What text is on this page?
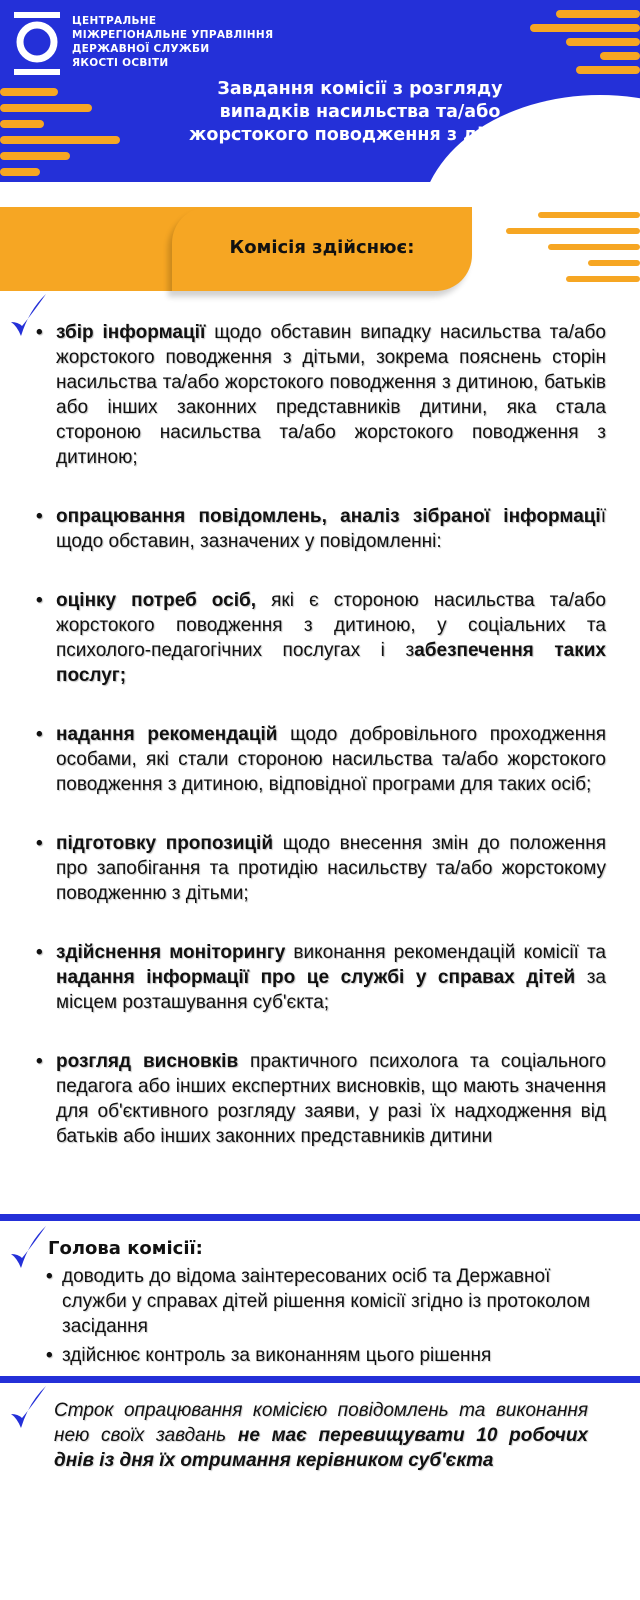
ЦЕНТРАЛЬНЕ
МІЖРЕГІОНАЛЬНЕ УПРАВЛІННЯ
ДЕРЖАВНОЇ СЛУЖБИ
ЯКОСТІ ОСВІТИ
Завдання комісії з розгляду
випадків насильства та/або
жорстокого поводження з дітьми
Комісія здійснює:
• збір інформації щодо обставин випадку насильства та/або жорстокого поводження з дітьми, зокрема пояснень сторін насильства та/або жорстокого поводження з дитиною, батьків або інших законних представників дитини, яка стала стороною насильства та/або жорстокого поводження з дитиною;
• опрацювання повідомлень, аналіз зібраної інформації щодо обставин, зазначених у повідомленні:
• оцінку потреб осіб, які є стороною насильства та/або жорстокого поводження з дитиною, у соціальних та психолого-педагогічних послугах і забезпечення таких послуг;
• надання рекомендацій щодо добровільного проходження особами, які стали стороною насильства та/або жорстокого поводження з дитиною, відповідної програми для таких осіб;
• підготовку пропозицій щодо внесення змін до положення про запобігання та протидію насильству та/або жорстокому поводженню з дітьми;
• здійснення моніторингу виконання рекомендацій комісії та надання інформації про це службі у справах дітей за місцем розташування суб'єкта;
• розгляд висновків практичного психолога та соціального педагога або інших експертних висновків, що мають значення для об'єктивного розгляду заяви, у разі їх надходження від батьків або інших законних представників дитини
Голова комісії:
• доводить до відома заінтересованих осіб та Державної служби у справах дітей рішення комісії згідно із протоколом засідання
• здійснює контроль за виконанням цього рішення
Строк опрацювання комісією повідомлень та виконання нею своїх завдань не має перевищувати 10 робочих днів із дня їх отримання керівником суб'єкта
